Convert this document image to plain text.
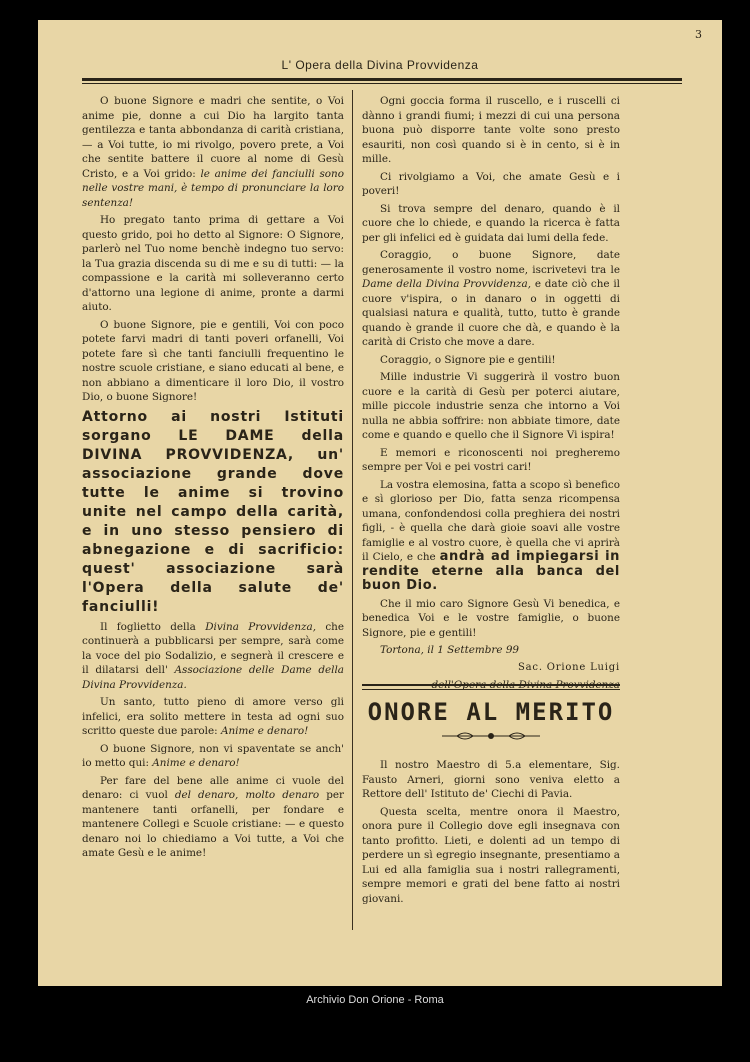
3
L' Opera della Divina Provvidenza

O buone Signore e madri che sentite, o Voi anime pie, donne a cui Dio ha largito tanta gentilezza e tanta abbondanza di carità cristiana, — a Voi tutte, io mi rivolgo, povero prete, a Voi che sentite battere il cuore al nome di Gesù Cristo, e a Voi grido: le anime dei fanciulli sono nelle vostre mani, è tempo di pronunciare la loro sentenza!

Ho pregato tanto prima di gettare a Voi questo grido, poi ho detto al Signore: O Signore, parlerò nel Tuo nome benchè indegno tuo servo: la Tua grazia discenda su di me e su di tutti: — la compassione e la carità mi solleveranno certo d'attorno una legione di anime, pronte a darmi aiuto.

O buone Signore, pie e gentili, Voi con poco potete farvi madri di tanti poveri orfanelli, Voi potete fare sì che tanti fanciulli frequentino le nostre scuole cristiane, e siano educati al bene, e non abbiano a dimenticare il loro Dio, il vostro Dio, o buone Signore!

Attorno ai nostri Istituti sorgano LE DAME della DIVINA PROVVIDENZA, un' associazione grande dove tutte le anime si trovino unite nel campo della carità, e in uno stesso pensiero di abnegazione e di sacrificio: quest' associazione sarà l'Opera della salute de' fanciulli!

Il foglietto della Divina Provvidenza, che continuerà a pubblicarsi per sempre, sarà come la voce del pio Sodalizio, e segnerà il crescere e il dilatarsi dell' Associazione delle Dame della Divina Provvidenza.

Un santo, tutto pieno di amore verso gli infelici, era solito mettere in testa ad ogni suo scritto queste due parole: Anime e denaro!

O buone Signore, non vi spaventate se anch' io metto qui: Anime e denaro!

Per fare del bene alle anime ci vuole del denaro: ci vuol del denaro, molto denaro per mantenere tanti orfanelli, per fondare e mantenere Collegi e Scuole cristiane: — e questo denaro noi lo chiediamo a Voi tutte, a Voi che amate Gesù e le anime!

Ogni goccia forma il ruscello, e i ruscelli ci dànno i grandi fiumi; i mezzi di cui una persona buona può disporre tante volte sono presto esauriti, non così quando si è in cento, si è in mille.

Ci rivolgiamo a Voi, che amate Gesù e i poveri!

Si trova sempre del denaro, quando è il cuore che lo chiede, e quando la ricerca è fatta per gli infelici ed è guidata dai lumi della fede.

Coraggio, o buone Signore, date generosamente il vostro nome, iscrivetevi tra le Dame della Divina Provvidenza, e date ciò che il cuore v'ispira, o in danaro o in oggetti di qualsiasi natura e qualità, tutto, tutto è grande quando è grande il cuore che dà, e quando è la carità di Cristo che move a dare.

Coraggio, o Signore pie e gentili!

Mille industrie Vi suggerirà il vostro buon cuore e la carità di Gesù per poterci aiutare, mille piccole industrie senza che intorno a Voi nulla ne abbia soffrire: non abbiate timore, date come e quando e quello che il Signore Vi ispira!

E memori e riconoscenti noi pregheremo sempre per Voi e pei vostri cari!

La vostra elemosina, fatta a scopo sì benefico e sì glorioso per Dio, fatta senza ricompensa umana, confondendosi colla preghiera dei nostri figli, - è quella che darà gioie soavi alle vostre famiglie e al vostro cuore, è quella che vi aprirà il Cielo, e che andrà ad impiegarsi in rendite eterne alla banca del buon Dio.

Che il mio caro Signore Gesù Vi benedica, e benedica Voi e le vostre famiglie, o buone Signore, pie e gentili!

Tortona, il 1 Settembre 99

Sac. Orione Luigi

dell'Opera della Divina Provvidenza

ONORE AL MERITO

Il nostro Maestro di 5.a elementare, Sig. Fausto Arneri, giorni sono veniva eletto a Rettore dell' Istituto de' Ciechi di Pavia.

Questa scelta, mentre onora il Maestro, onora pure il Collegio dove egli insegnava con tanto profitto. Lieti, e dolenti ad un tempo di perdere un sì egregio insegnante, presentiamo a Lui ed alla famiglia sua i nostri rallegramenti, sempre memori e grati del bene fatto ai nostri giovani.

Archivio Don Orione - Roma
